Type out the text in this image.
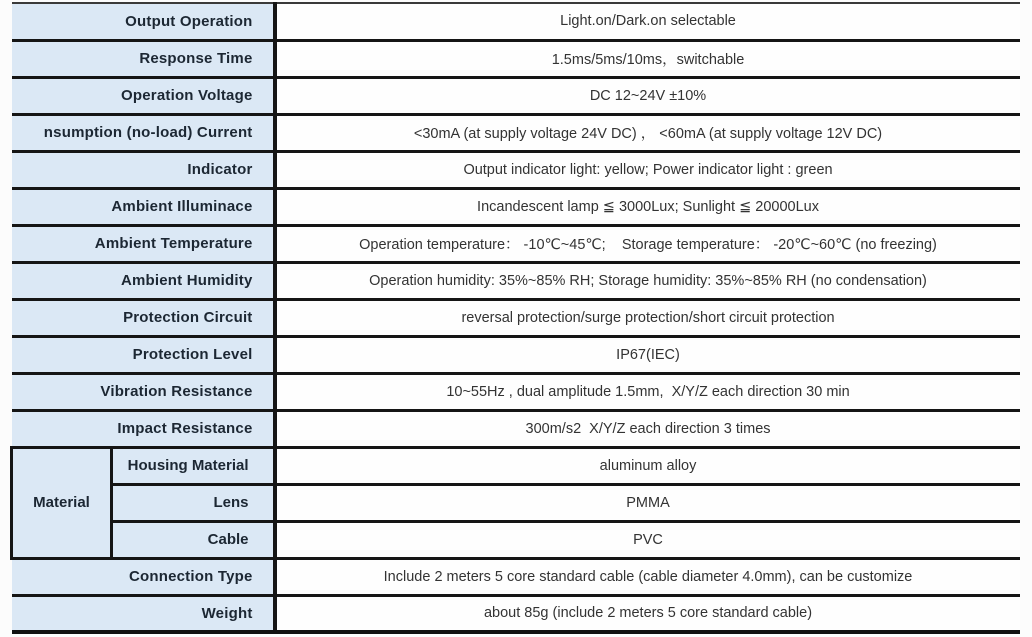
Output Operation		Light.on/Dark.on selectable
Response Time		1.5ms/5ms/10ms，switchable
Operation Voltage		DC 12~24V ±10%
nsumption (no-load) Current		<30mA (at supply voltage 24V DC) ， <60mA (at supply voltage 12V DC)
Indicator		Output indicator light: yellow; Power indicator light : green
Ambient Illuminace		Incandescent lamp ≦ 3000Lux; Sunlight ≦ 20000Lux
Ambient Temperature		Operation temperature： -10℃~45℃;    Storage temperature： -20℃~60℃ (no freezing)
Ambient Humidity		Operation humidity: 35%~85% RH; Storage humidity: 35%~85% RH (no condensation)
Protection Circuit		reversal protection/surge protection/short circuit protection
Protection Level		IP67(IEC)
Vibration Resistance		10~55Hz , dual amplitude 1.5mm,  X/Y/Z each direction 30 min
Impact Resistance		300m/s2  X/Y/Z each direction 3 times
Material	Housing Material	aluminum alloy
	Lens	PMMA
	Cable	PVC
Connection Type		Include 2 meters 5 core standard cable (cable diameter 4.0mm), can be customize
Weight		about 85g (include 2 meters 5 core standard cable)
